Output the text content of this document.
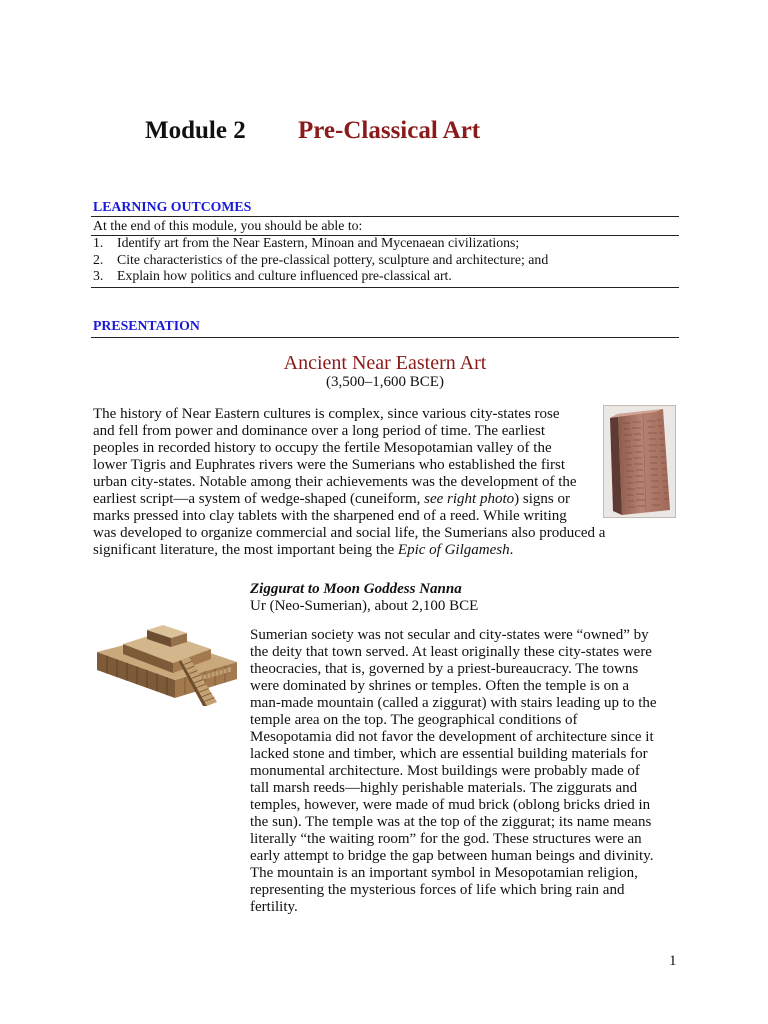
Module 2 Pre-Classical Art
LEARNING OUTCOMES
At the end of this module, you should be able to:
1. Identify art from the Near Eastern, Minoan and Mycenaean civilizations;
2. Cite characteristics of the pre-classical pottery, sculpture and architecture; and
3. Explain how politics and culture influenced pre-classical art.
PRESENTATION
Ancient Near Eastern Art
(3,500–1,600 BCE)
The history of Near Eastern cultures is complex, since various city-states rose
and fell from power and dominance over a long period of time. The earliest
peoples in recorded history to occupy the fertile Mesopotamian valley of the
lower Tigris and Euphrates rivers were the Sumerians who established the first
urban city-states. Notable among their achievements was the development of the
earliest script—a system of wedge-shaped (cuneiform, see right photo) signs or
marks pressed into clay tablets with the sharpened end of a reed. While writing
was developed to organize commercial and social life, the Sumerians also produced a
significant literature, the most important being the Epic of Gilgamesh.
Ziggurat to Moon Goddess Nanna
Ur (Neo-Sumerian), about 2,100 BCE
Sumerian society was not secular and city-states were “owned” by
the deity that town served. At least originally these city-states were
theocracies, that is, governed by a priest-bureaucracy. The towns
were dominated by shrines or temples. Often the temple is on a
man-made mountain (called a ziggurat) with stairs leading up to the
temple area on the top. The geographical conditions of
Mesopotamia did not favor the development of architecture since it
lacked stone and timber, which are essential building materials for
monumental architecture. Most buildings were probably made of
tall marsh reeds—highly perishable materials. The ziggurats and
temples, however, were made of mud brick (oblong bricks dried in
the sun). The temple was at the top of the ziggurat; its name means
literally “the waiting room” for the god. These structures were an
early attempt to bridge the gap between human beings and divinity.
The mountain is an important symbol in Mesopotamian religion,
representing the mysterious forces of life which bring rain and
fertility.
1
